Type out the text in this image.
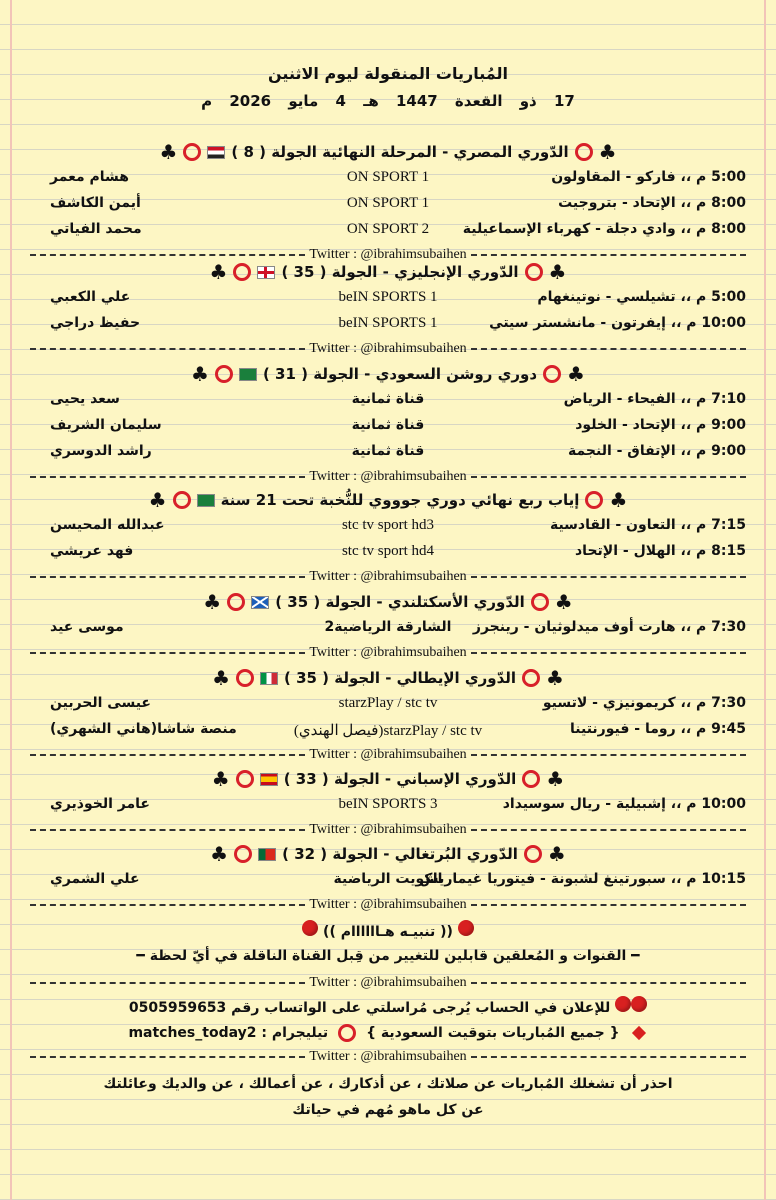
المُباريات المنقولة ليوم الاثنين
17 ذو القعدة 1447 هـ 4 مايو 2026 م
♣
الدّوري المصري - المرحلة النهائية الجولة ( 8 )
♣
5:00 م ،، فاركو - المقاولون
ON SPORT 1
هشام معمر
8:00 م ،، الإتحاد - بتروجيت
ON SPORT 1
أيمن الكاشف
8:00 م ،، وادي دجلة - كهرباء الإسماعيلية
ON SPORT 2
محمد الفياتي
Twitter : @ibrahimsubaihen
♣
الدّوري الإنجليزي - الجولة ( 35 )
♣
5:00 م ،، تشيلسي - نوتينغهام
beIN SPORTS 1
علي الكعبي
10:00 م ،، إيفرتون - مانشستر سيتي
beIN SPORTS 1
حفيظ دراجي
Twitter : @ibrahimsubaihen
♣
دوري روشن السعودي - الجولة ( 31 )
♣
7:10 م ،، الفيحاء - الرياض
قناة ثمانية
سعد يحيى
9:00 م ،، الإتحاد - الخلود
قناة ثمانية
سليمان الشريف
9:00 م ،، الإتفاق - النجمة
قناة ثمانية
راشد الدوسري
Twitter : @ibrahimsubaihen
♣
إياب ربع نهائي دوري جوووي للنُّخبة تحت 21 سنة
♣
7:15 م ،، التعاون - القادسية
stc tv sport hd3
عبدالله المحيسن
8:15 م ،، الهلال - الإتحاد
stc tv sport hd4
فهد عريشي
Twitter : @ibrahimsubaihen
♣
الدّوري الأسكتلندي - الجولة ( 35 )
♣
7:30 م ،، هارت أوف ميدلوثيان - رينجرز
الشارقة الرياضية2
موسى عيد
Twitter : @ibrahimsubaihen
♣
الدّوري الإيطالي - الجولة ( 35 )
♣
7:30 م ،، كريمونيزي - لاتسيو
starzPlay / stc tv
عيسى الحربين
9:45 م ،، روما - فيورنتينا
starzPlay / stc tv(فيصل الهندي)
منصة شاشا(هاني الشهري)
Twitter : @ibrahimsubaihen
♣
الدّوري الإسباني - الجولة ( 33 )
♣
10:00 م ،، إشبيلية - ريال سوسيداد
beIN SPORTS 3
عامر الخوذيري
Twitter : @ibrahimsubaihen
♣
الدّوري البُرتغالي - الجولة ( 32 )
♣
10:15 م ،، سبورتينغ لشبونة - فيتوريا غيماريش
الكويت الرياضية
علي الشمري
Twitter : @ibrahimsubaihen
(( تنبيـه هـاااااام ))
━ القنوات و المُعلقين قابلين للتغيير من قِبل القناة الناقلة في أيّ لحظة ━
Twitter : @ibrahimsubaihen
للإعلان في الحساب يُرجى مُراسلتي على الواتساب رقم 0505959653
{ جميع المُباريات بتوقيت السعودية }
تيليجرام : matches_today2
Twitter : @ibrahimsubaihen
احذر أن تشغلك المُباريات عن صلاتك ، عن أذكارك ، عن أعمالك ، عن والديك وعائلتك
عن كل ماهو مُهم في حياتك
